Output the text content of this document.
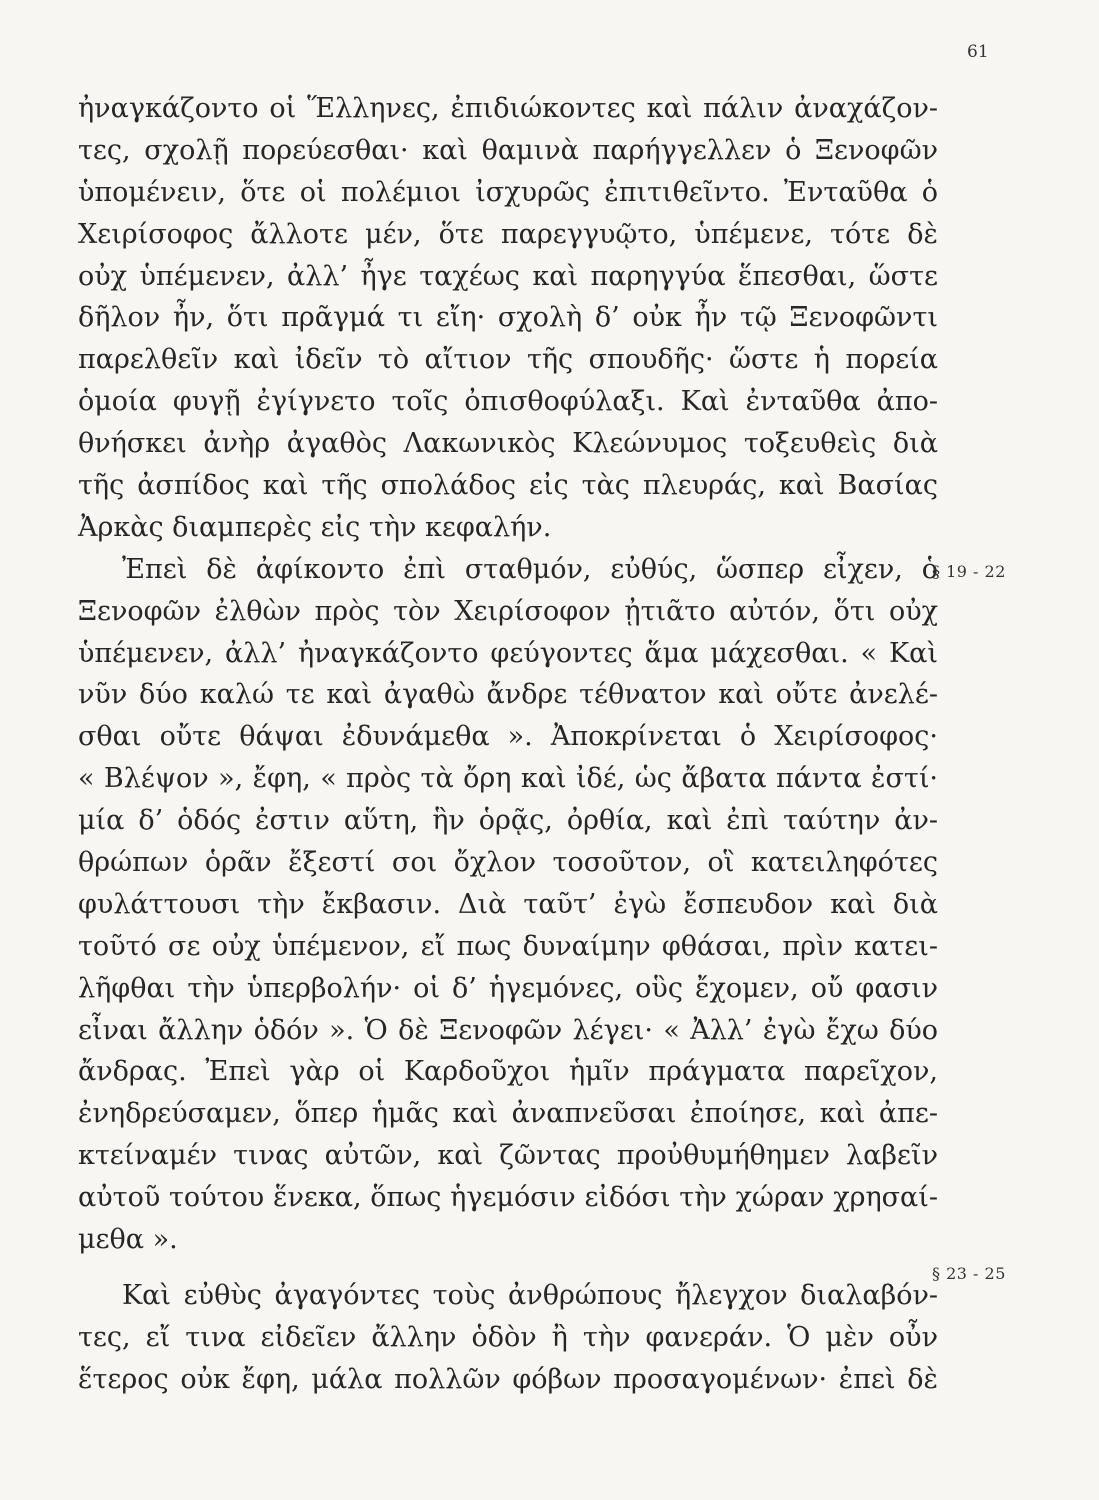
61
ἠναγκάζοντο οἱ Ἕλληνες, ἐπιδιώκοντες καὶ πάλιν ἀναχάζον-
τες, σχολῇ πορεύεσθαι· καὶ θαμινὰ παρήγγελλεν ὁ Ξενοφῶν
ὑπομένειν, ὅτε οἱ πολέμιοι ἰσχυρῶς ἐπιτιθεῖντο. Ἐνταῦθα ὁ
Χειρίσοφος ἄλλοτε μέν, ὅτε παρεγγυῷτο, ὑπέμενε, τότε δὲ
οὐχ ὑπέμενεν, ἀλλ’ ἦγε ταχέως καὶ παρηγγύα ἕπεσθαι, ὥστε
δῆλον ἦν, ὅτι πρᾶγμά τι εἴη· σχολὴ δ’ οὐκ ἦν τῷ Ξενοφῶντι
παρελθεῖν καὶ ἰδεῖν τὸ αἴτιον τῆς σπουδῆς· ὥστε ἡ πορεία
ὁμοία φυγῇ ἐγίγνετο τοῖς ὀπισθοφύλαξι. Καὶ ἐνταῦθα ἀπο-
θνήσκει ἀνὴρ ἀγαθὸς Λακωνικὸς Κλεώνυμος τοξευθεὶς διὰ
τῆς ἀσπίδος καὶ τῆς σπολάδος εἰς τὰς πλευράς, καὶ Βασίας
Ἀρκὰς διαμπερὲς εἰς τὴν κεφαλήν.
Ἐπεὶ δὲ ἀφίκοντο ἐπὶ σταθμόν, εὐθύς, ὥσπερ εἶχεν, ὁ
Ξενοφῶν ἐλθὼν πρὸς τὸν Χειρίσοφον ᾐτιᾶτο αὐτόν, ὅτι οὐχ
ὑπέμενεν, ἀλλ’ ἠναγκάζοντο φεύγοντες ἅμα μάχεσθαι. « Καὶ
νῦν δύο καλώ τε καὶ ἀγαθὼ ἄνδρε τέθνατον καὶ οὔτε ἀνελέ-
σθαι οὔτε θάψαι ἐδυνάμεθα ». Ἀποκρίνεται ὁ Χειρίσοφος·
« Βλέψον », ἔφη, « πρὸς τὰ ὄρη καὶ ἰδέ, ὡς ἄβατα πάντα ἐστί·
μία δ’ ὁδός ἐστιν αὕτη, ἣν ὁρᾷς, ὀρθία, καὶ ἐπὶ ταύτην ἀν-
θρώπων ὁρᾶν ἔξεστί σοι ὄχλον τοσοῦτον, οἳ κατειληφότες
φυλάττουσι τὴν ἔκβασιν. Διὰ ταῦτ’ ἐγὼ ἔσπευδον καὶ διὰ
τοῦτό σε οὐχ ὑπέμενον, εἴ πως δυναίμην φθάσαι, πρὶν κατει-
λῆφθαι τὴν ὑπερβολήν· οἱ δ’ ἡγεμόνες, οὓς ἔχομεν, οὔ φασιν
εἶναι ἄλλην ὁδόν ». Ὁ δὲ Ξενοφῶν λέγει· « Ἀλλ’ ἐγὼ ἔχω δύο
ἄνδρας. Ἐπεὶ γὰρ οἱ Καρδοῦχοι ἡμῖν πράγματα παρεῖχον,
ἐνηδρεύσαμεν, ὅπερ ἡμᾶς καὶ ἀναπνεῦσαι ἐποίησε, καὶ ἀπε-
κτείναμέν τινας αὐτῶν, καὶ ζῶντας προὐθυμήθημεν λαβεῖν
αὐτοῦ τούτου ἕνεκα, ὅπως ἡγεμόσιν εἰδόσι τὴν χώραν χρησαί-
μεθα ».
Καὶ εὐθὺς ἀγαγόντες τοὺς ἀνθρώπους ἤλεγχον διαλαβόν-
τες, εἴ τινα εἰδεῖεν ἄλλην ὁδὸν ἢ τὴν φανεράν. Ὁ μὲν οὖν
ἕτερος οὐκ ἔφη, μάλα πολλῶν φόβων προσαγομένων· ἐπεὶ δὲ
§ 19 - 22
§ 23 - 25
